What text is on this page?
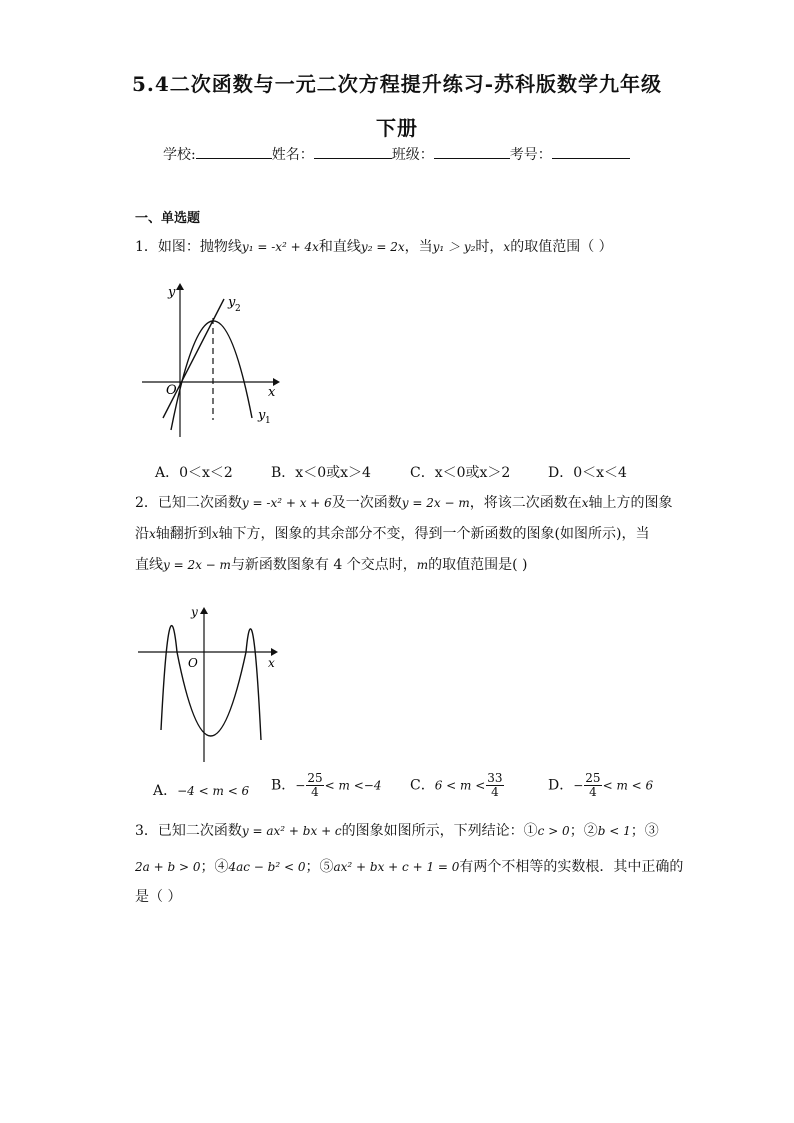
5.4二次函数与一元二次方程提升练习-苏科版数学九年级
下册
学校:	姓名：	班级：	考号：
一、单选题
1．如图：抛物线y₁ = -x² + 4x和直线y₂ = 2x，当y₁ ＞ y₂时，x的取值范围（ ）
y
x
O
y 2
y 1
A．0＜x＜2	B．x＜0或x＞4	C．x＜0或x＞2	D．0＜x＜4
2．已知二次函数y = -x² + x + 6及一次函数y = 2x − m，将该二次函数在x轴上方的图象
沿x轴翻折到x轴下方，图象的其余部分不变，得到一个新函数的图象(如图所示)，当
直线y = 2x − m与新函数图象有 4 个交点时，m的取值范围是( )
y
x
O
A．−4 < m < 6 B．− $\frac{25}{4} < m <-4$ C．$6 < m < \frac{33}{4}$	D．− $\frac{25}{4} < m < 6$
3．已知二次函数y = ax² + bx + c的图象如图所示，下列结论：①c > 0；②b < 1；③
2a + b > 0；④4ac − b² < 0；⑤ax² + bx + c + 1 = 0有两个不相等的实数根．其中正确的
是（ ）
